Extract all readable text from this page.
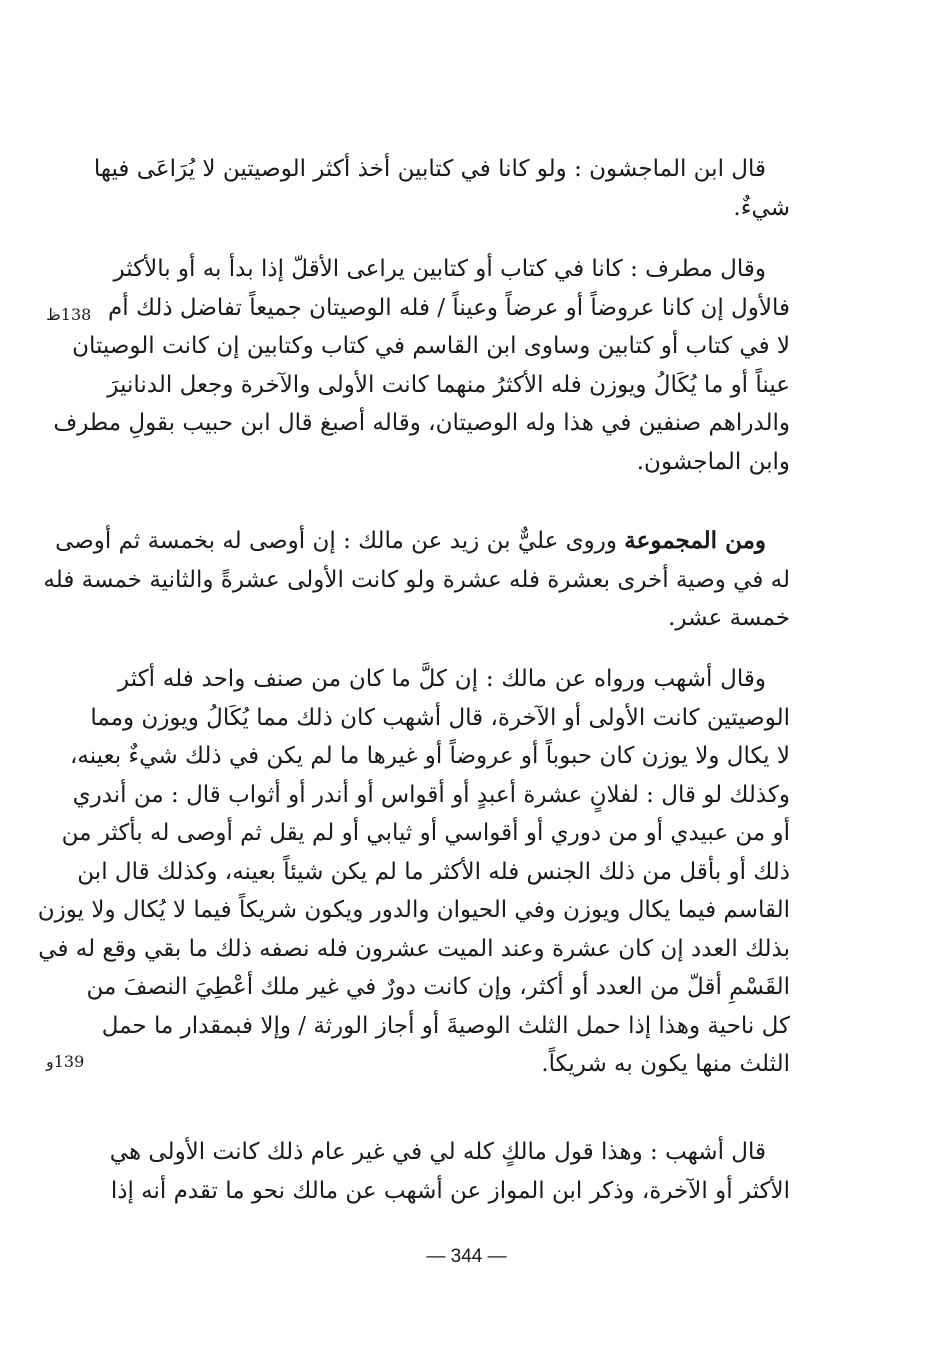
قال ابن الماجشون : ولو كانا في كتابين أخذ أكثر الوصيتين لا يُرَاعَى فيها
شيءٌ.
وقال مطرف : كانا في كتاب أو كتابين يراعى الأقلّ إذا بدأ به أو بالأكثر
فالأول إن كانا عروضاً أو عرضاً وعيناً / فله الوصيتان جميعاً تفاضل ذلك أم
لا في كتاب أو كتابين وساوى ابن القاسم في كتاب وكتابين إن كانت الوصيتان
عيناً أو ما يُكَالُ ويوزن فله الأكثرُ منهما كانت الأولى والآخرة وجعل الدنانيرَ
والدراهم صنفين في هذا وله الوصيتان، وقاله أصبغ قال ابن حبيب بقولِ مطرف
وابن الماجشون.
ومن المجموعة وروى عليٌّ بن زيد عن مالك : إن أوصى له بخمسة ثم أوصى
له في وصية أخرى بعشرة فله عشرة ولو كانت الأولى عشرةً والثانية خمسة فله
خمسة عشر.
وقال أشهب ورواه عن مالك : إن كلَّ ما كان من صنف واحد فله أكثر
الوصيتين كانت الأولى أو الآخرة، قال أشهب كان ذلك مما يُكَالُ ويوزن ومما
لا يكال ولا يوزن كان حبوباً أو عروضاً أو غيرها ما لم يكن في ذلك شيءٌ بعينه،
وكذلك لو قال : لفلانٍ عشرة أعبدٍ أو أقواس أو أندر أو أثواب قال : من أندري
أو من عبيدي أو من دوري أو أقواسي أو ثيابي أو لم يقل ثم أوصى له بأكثر من
ذلك أو بأقل من ذلك الجنس فله الأكثر ما لم يكن شيئاً بعينه، وكذلك قال ابن
القاسم فيما يكال ويوزن وفي الحيوان والدور ويكون شريكاً فيما لا يُكال ولا يوزن
بذلك العدد إن كان عشرة وعند الميت عشرون فله نصفه ذلك ما بقي وقع له في
القَسْمِ أقلّ من العدد أو أكثر، وإن كانت دورٌ في غير ملك أعْطِيَ النصفَ من
كل ناحية وهذا إذا حمل الثلث الوصيةَ أو أجاز الورثة / وإلا فبمقدار ما حمل
الثلث منها يكون به شريكاً.
قال أشهب : وهذا قول مالكٍ كله لي في غير عام ذلك كانت الأولى هي
الأكثر أو الآخرة، وذكر ابن المواز عن أشهب عن مالك نحو ما تقدم أنه إذا
138ظ
139و
— 344 —
